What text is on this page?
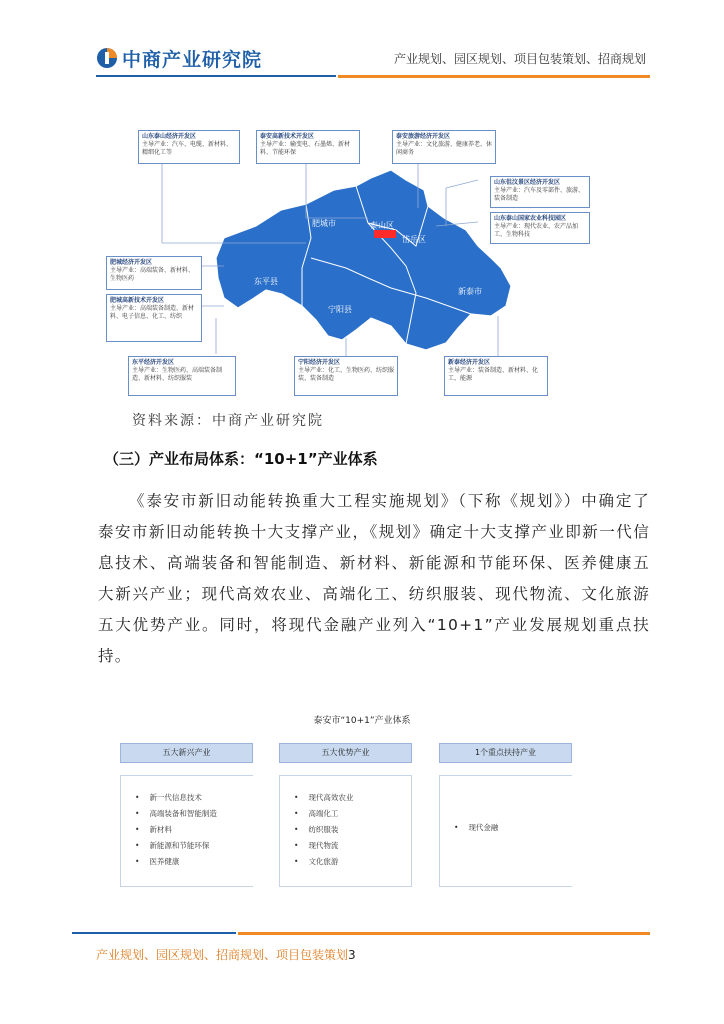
中商产业研究院	产业规划、园区规划、项目包装策划、招商规划
山东泰山经济开发区
主导产业：汽车、电缆、新材料、精细化工等
泰安高新技术开发区
主导产业：输变电、石墨烯、新材料、节能环保
泰安旅游经济开发区
主导产业：文化旅游、健康养老、休闲商务
山东徂汶景区经济开发区
主导产业：汽车及零部件、旅游、装备制造
山东泰山国家农业科技园区
主导产业：现代农业、农产品加工、生物科技
肥城经济开发区
主导产业：高端装备、新材料、生物医药
肥城高新技术开发区
主导产业：高端装备制造、新材料、电子信息、化工、纺织
东平经济开发区
主导产业：生物医药、高端装备制造、新材料、纺织服装
宁阳经济开发区
主导产业：化工、生物医药、纺织服装、装备制造
新泰经济开发区
主导产业：装备制造、新材料、化工、能源
肥城市	泰山区
岱岳区
新泰市
东平县
宁阳县
资料来源：中商产业研究院
（三）产业布局体系：“10+1”产业体系
《泰安市新旧动能转换重大工程实施规划》（下称《规划》）中确定了泰安市新旧动能转换十大支撑产业，《规划》确定十大支撑产业即新一代信息技术、高端装备和智能制造、新材料、新能源和节能环保、医养健康五大新兴产业；现代高效农业、高端化工、纺织服装、现代物流、文化旅游五大优势产业。同时，将现代金融产业列入“10+1”产业发展规划重点扶持。
泰安市“10+1”产业体系
五大新兴产业
• 新一代信息技术
• 高端装备和智能制造
• 新材料
• 新能源和节能环保
• 医养健康
五大优势产业
• 现代高效农业
• 高端化工
• 纺织服装
• 现代物流
• 文化旅游
1个重点扶持产业
• 现代金融
产业规划、园区规划、招商规划、项目包装策划3
